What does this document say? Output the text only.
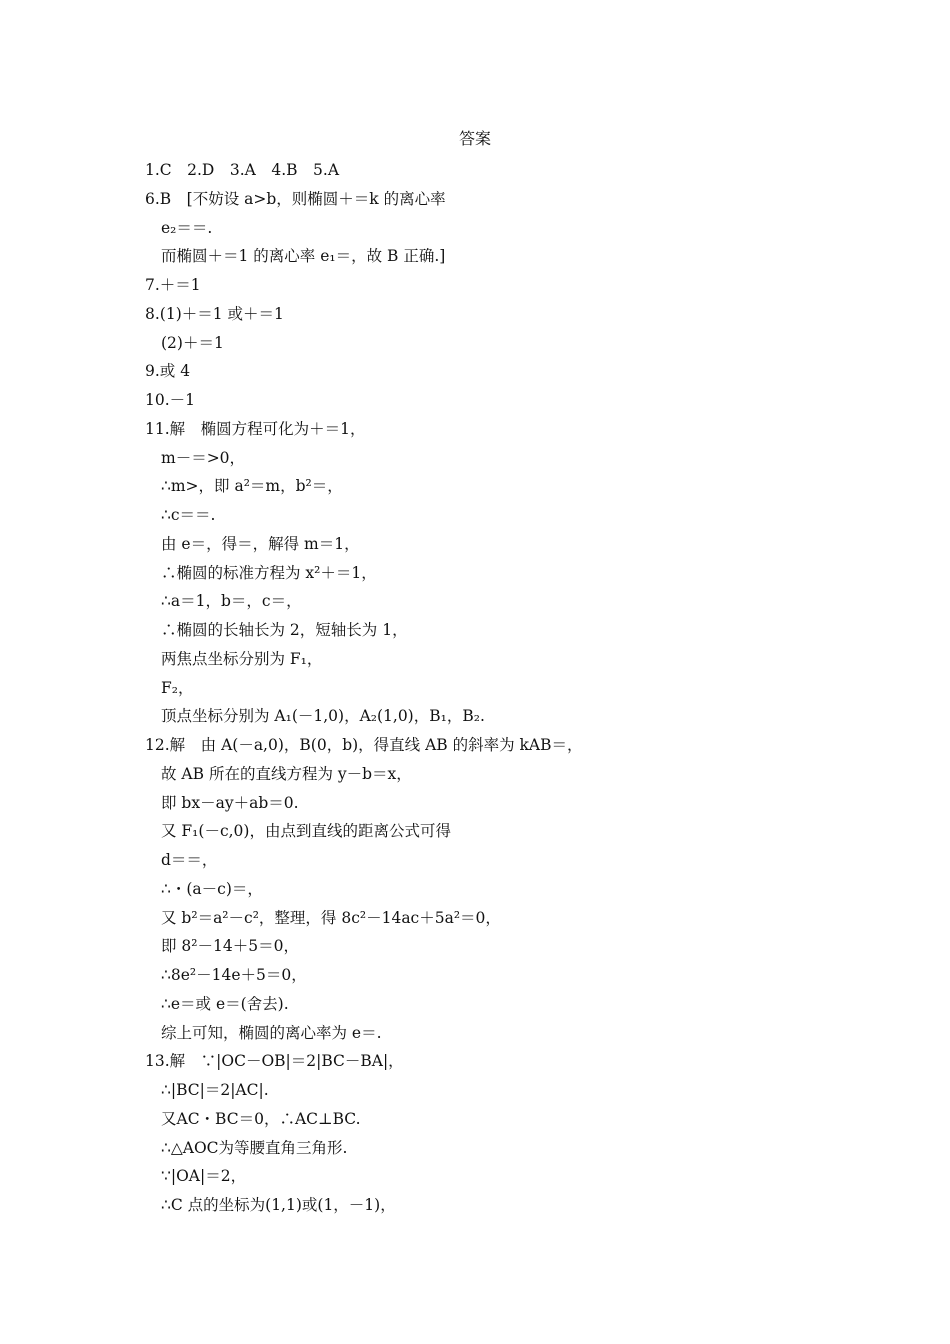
答案
1.C　2.D　3.A　4.B　5.A
6.B　[不妨设 a>b，则椭圆＋＝k 的离心率
e₂＝＝.
而椭圆＋＝1 的离心率 e₁＝，故 B 正确.]
7.＋＝1
8.(1)＋＝1 或＋＝1
(2)＋＝1
9.或 4
10.－1
11.解　椭圆方程可化为＋＝1，
m－＝>0，
∴m>，即 a²＝m，b²＝，
∴c＝＝.
由 e＝，得＝，解得 m＝1，
∴椭圆的标准方程为 x²＋＝1，
∴a＝1，b＝，c＝，
∴椭圆的长轴长为 2，短轴长为 1，
两焦点坐标分别为 F₁，
F₂，
顶点坐标分别为 A₁(－1,0)，A₂(1,0)，B₁，B₂.
12.解　由 A(－a,0)，B(0，b)，得直线 AB 的斜率为 kAB＝，
故 AB 所在的直线方程为 y－b＝x，
即 bx－ay＋ab＝0.
又 F₁(－c,0)，由点到直线的距离公式可得
d＝＝，
∴・(a－c)＝，
又 b²＝a²－c²，整理，得 8c²－14ac＋5a²＝0，
即 8²－14＋5＝0，
∴8e²－14e＋5＝0，
∴e＝或 e＝(舍去).
综上可知，椭圆的离心率为 e＝.
13.解　∵|OC－OB|＝2|BC－BA|，
∴|BC|＝2|AC|.
又AC・BC＝0，∴AC⊥BC.
∴△AOC为等腰直角三角形.
∵|OA|＝2，
∴C 点的坐标为(1,1)或(1，－1)，
